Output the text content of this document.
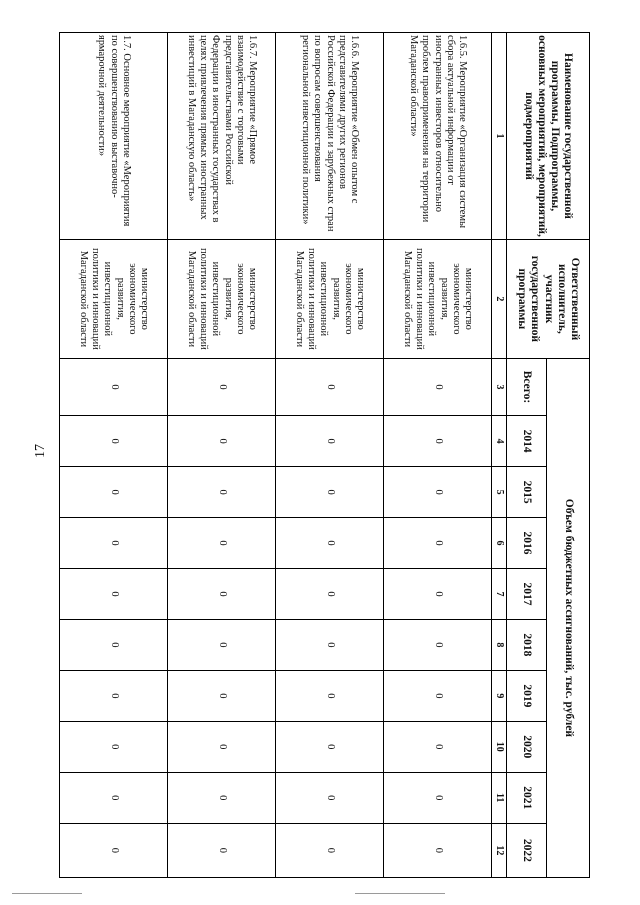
17
Наименование государственной программы, Подпрограммы, основных мероприятий, мероприятий, подмероприятий	Ответственный исполнитель, участник государственной программы	Объем бюджетных ассигнований, тыс. рублей									
		Всего:	2014	2015	2016	2017	2018	2019	2020	2021	2022
1	2	3	4	5	6	7	8	9	10	11	12
1.6.5. Мероприятие «Организация системы сбора актуальной информации от иностранных инвесторов относительно проблем правоприменения на территории Магаданской области»	министерство экономического развития, инвестиционной политики и инноваций Магаданской области	0	0	0	0	0	0	0	0	0	0
1.6.6. Мероприятие «Обмен опытом с представителями других регионов Российской Федерации и зарубежных стран по вопросам совершенствования региональной инвестиционной политики»	министерство экономического развития, инвестиционной политики и инноваций Магаданской области	0	0	0	0	0	0	0	0	0	0
1.6.7. Мероприятие «Прямое взаимодействие с торговыми представительствами Российской Федерации в иностранных государствах в целях привлечения прямых иностранных инвестиций в Магаданскую область»	министерство экономического развития, инвестиционной политики и инноваций Магаданской области	0	0	0	0	0	0	0	0	0	0
1.7. Основное мероприятие «Мероприятия по совершенствованию выставочно-ярмарочной деятельности»	министерство экономического развития, инвестиционной политики и инноваций Магаданской области	0	0	0	0	0	0	0	0	0	0
